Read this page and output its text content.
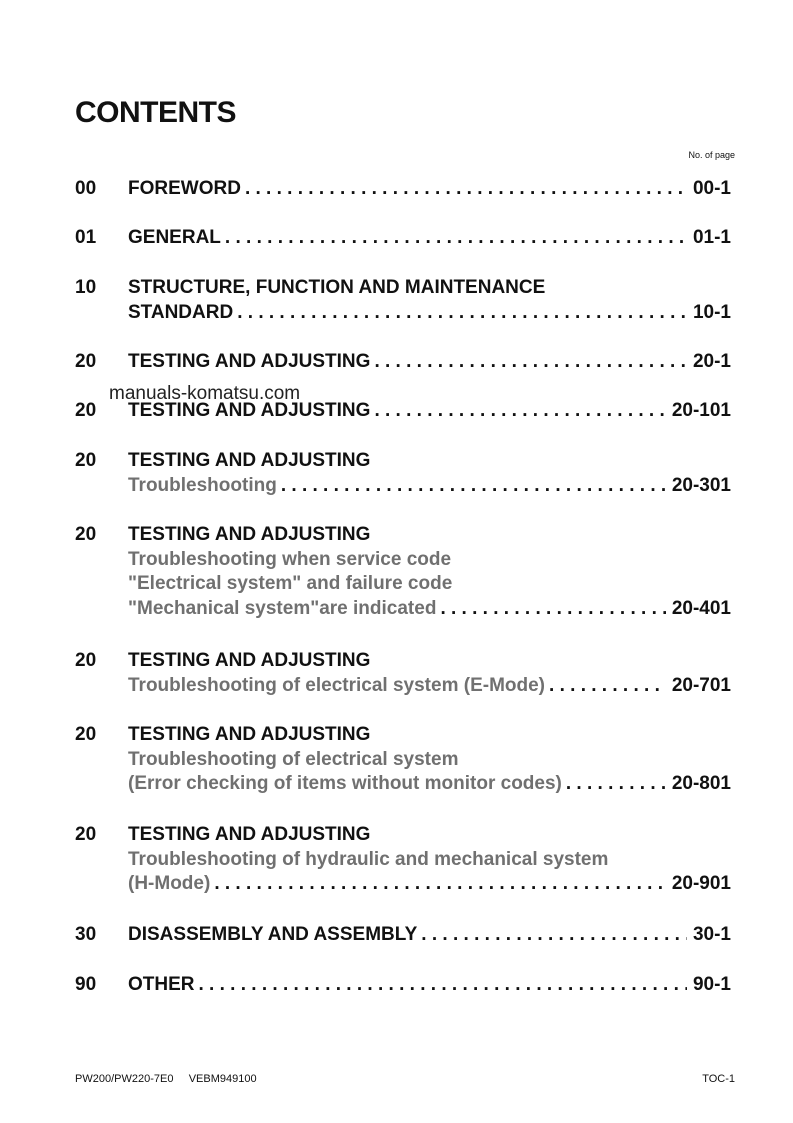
CONTENTS
No. of page
00	FOREWORD . . .	00-1
01	GENERAL . . .	01-1
10	STRUCTURE, FUNCTION AND MAINTENANCE
STANDARD . . .	10-1
20	TESTING AND ADJUSTING . . .	20-1
20	TESTING AND ADJUSTING . . .	20-101
20	TESTING AND ADJUSTING
Troubleshooting . . .	20-301
20	TESTING AND ADJUSTING
Troubleshooting when service code
"Electrical system" and failure code
"Mechanical system"are indicated . . .	20-401
20	TESTING AND ADJUSTING
Troubleshooting of electrical system (E-Mode) . . .	20-701
20	TESTING AND ADJUSTING
Troubleshooting of electrical system
(Error checking of items without monitor codes) . . .	20-801
20	TESTING AND ADJUSTING
Troubleshooting of hydraulic and mechanical system
(H-Mode) . . .	20-901
30	DISASSEMBLY AND ASSEMBLY . . .	30-1
90	OTHER . . .	90-1
manuals-komatsu.com
PW200/PW220-7E0     VEBM949100	TOC-1
